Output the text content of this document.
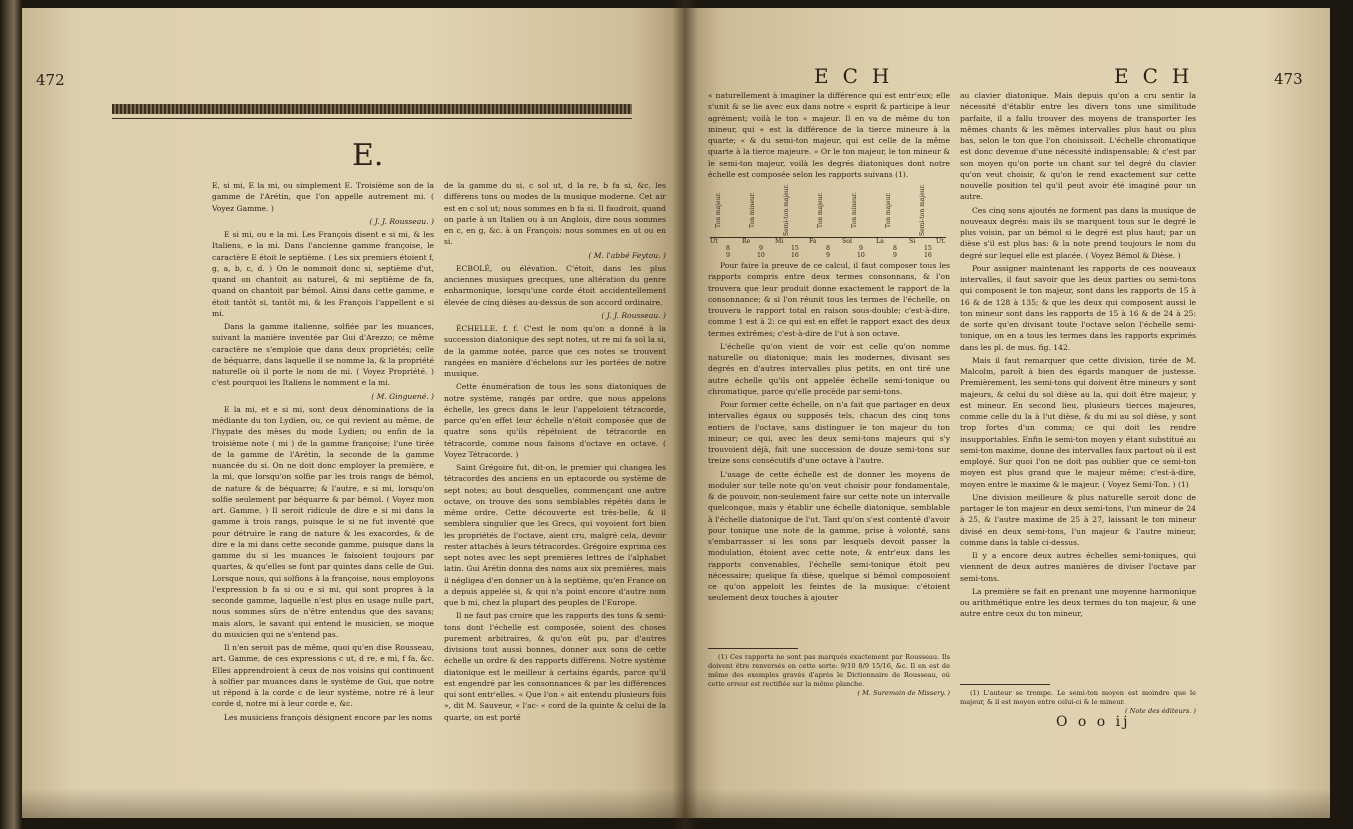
472
E.

E, si mi, E la mi, ou simplement E. Troisième son de la gamme de l'Arétin, que l'on appelle autrement mi. ( Voyez Gamme. )

( J. J. Rousseau. )

E si mi, ou e la mi. Les François disent e si mi, & les Italiens, e la mi. Dans l'ancienne gamme françoise, le caractère E étoit le septième. ( Les six premiers étoient f, g, a, b, c, d. ) On le nommoit donc si, septième d'ut, quand on chantoit au naturel, & mi septième de fa, quand on chantoit par bémol. Ainsi dans cette gamme, e étoit tantôt si, tantôt mi, & les François l'appellent e si mi.

Dans la gamme italienne, solfiée par les muances, suivant la manière inventée par Gui d'Arezzo; ce même caractère ne s'emploie que dans deux propriétés; celle de béquarre, dans laquelle il se nomme la, & la propriété naturelle où il porte le nom de mi. ( Voyez Propriété. ) c'est pourquoi les Italiens le nomment e la mi.

( M. Ginguené. )

E la mi, et e si mi, sont deux dénominations de la médiante du ton Lydien, ou, ce qui revient au même, de l'hypate des mèses du mode Lydien; ou enfin de la troisième note ( mi ) de la gamme françoise; l'une tirée de la gamme de l'Arétin, la seconde de la gamme nuancée du si. On ne doit donc employer la première, e la mi, que lorsqu'on solfie par les trois rangs de bémol, de nature & de béquarre; & l'autre, e si mi, lorsqu'on solfie seulement par béquarre & par bémol. ( Voyez mon art. Gamme. ) Il seroit ridicule de dire e si mi dans la gamme à trois rangs, puisque le si ne fut inventé que pour détruire le rang de nature & les exacordes, & de dire e la mi dans cette seconde gamme, puisque dans la gamme du si les muances le faisoient toujours par quartes, & qu'elles se font par quintes dans celle de Gui. Lorsque nous, qui solfions à la françoise, nous employons l'expression b fa si ou e si mi, qui sont propres à la seconde gamme, laquelle n'est plus en usage nulle part, nous sommes sûrs de n'être entendus que des savans; mais alors, le savant qui entend le musicien, se moque du musicien qui ne s'entend pas.

Il n'en seroit pas de même, quoi qu'en dise Rousseau, art. Gamme, de ces expressions c ut, d re, e mi, f fa, &c. Elles apprendroient à ceux de nos voisins qui continuent à solfier par muances dans le système de Gui, que notre ut répond à la corde c de leur système, notre ré à leur corde d, notre mi à leur corde e, &c.

Les musiciens françois désignent encore par les noms

de la gamme du si, c sol ut, d la re, b fa si, &c. les différens tons ou modes de la musique moderne. Cet air est en c sol ut; nous sommes en b fa si. Il faudroit, quand on parle à un Italien ou à un Anglois, dire nous sommes en c, en g, &c. à un François: nous sommes en ut ou en si.

( M. l'abbé Feytou. )

ECBOLÉ, ou élévation. C'étoit, dans les plus anciennes musiques grecques, une altération du genre enharmonique, lorsqu'une corde étoit accidentellement élevée de cinq dièses au-dessus de son accord ordinaire.

( J. J. Rousseau. )

ÉCHELLE. f. f. C'est le nom qu'on a donné à la succession diatonique des sept notes, ut re mi fa sol la si, de la gamme notée, parce que ces notes se trouvent rangées en manière d'échelons sur les portées de notre musique.

Cette énumération de tous les sons diatoniques de notre système, rangés par ordre, que nous appelons échelle, les grecs dans le leur l'appeloient tétracorde, parce qu'en effet leur échelle n'étoit composée que de quatre sons qu'ils répétoient de tétracorde en tétracorde, comme nous faisons d'octave en octave. ( Voyez Tétracorde. )

Saint Grégoire fut, dit-on, le premier qui changea les tétracordes des anciens en un eptacorde ou système de sept notes; au bout desquelles, commençant une autre octave, on trouve des sons semblables répétés dans le même ordre. Cette découverte est très-belle, & il semblera singulier que les Grecs, qui voyoient fort bien les propriétés de l'octave, aient cru, malgré cela, devoir rester attachés à leurs tétracordes. Grégoire exprima ces sept notes avec les sept premières lettres de l'alphabet latin. Gui Arétin donna des noms aux six premières, mais il négligea d'en donner un à la septième, qu'en France on a depuis appelée si, & qui n'a point encore d'autre nom que b mi, chez la plupart des peuples de l'Europe.

Il ne faut pas croire que les rapports des tons & semi-tons dont l'échelle est composée, soient des choses purement arbitraires, & qu'on eût pu, par d'autres divisions tout aussi bonnes, donner aux sons de cette échelle un ordre & des rapports différens. Notre système diatonique est le meilleur à certains égards, parce qu'il est engendré par les consonnances & par les différences qui sont entr'elles. « Que l'on « ait entendu plusieurs fois », dit M. Sauveur, « l'ac- « cord de la quinte & celui de la quarte, on est porté

ECH	ECH	473

« naturellement à imaginer la différence qui est entr'eux; elle s'unit & se lie avec eux dans notre « esprit & participe à leur agrément; voilà le ton « majeur. Il en va de même du ton mineur, qui « est la différence de la tierce mineure à la quarte; « & du semi-ton majeur, qui est celle de la même quarte à la tierce majeure. » Or le ton majeur, le ton mineur & le semi-ton majeur, voilà les degrés diatoniques dont notre échelle est composée selon les rapports suivans (1).

Ton majeur.	Ton mineur.	Semi-ton majeur.	Ton majeur.	Ton mineur.	Ton majeur.	Semi-ton majeur.
Ut	Re	Mi	Fa	Sol	La	Si	Ut.
8	9	15	8	9	8	15
9	10	16	9	10	9	16

Pour faire la preuve de ce calcul, il faut composer tous les rapports compris entre deux termes consonnans, & l'on trouvera que leur produit donne exactement le rapport de la consonnance; & si l'on réunit tous les termes de l'échelle, on trouvera le rapport total en raison sous-double; c'est-à-dire, comme 1 est à 2: ce qui est en effet le rapport exact des deux termes extrêmes; c'est-à-dire de l'ut à son octave.

L'échelle qu'on vient de voir est celle qu'on nomme naturelle ou diatonique; mais les modernes, divisant ses degrés en d'autres intervalles plus petits, en ont tiré une autre échelle qu'ils ont appelée échelle semi-tonique ou chromatique, parce qu'elle procède par semi-tons.

Pour former cette échelle, on n'a fait que partager en deux intervalles égaux ou supposés tels, chacun des cinq tons entiers de l'octave, sans distinguer le ton majeur du ton mineur; ce qui, avec les deux semi-tons majeurs qui s'y trouvoient déjà, fait une succession de douze semi-tons sur treize sons consécutifs d'une octave à l'autre.

L'usage de cette échelle est de donner les moyens de moduler sur telle note qu'on veut choisir pour fondamentale, & de pouvoir, non-seulement faire sur cette note un intervalle quelconque, mais y établir une échelle diatonique, semblable à l'échelle diatonique de l'ut. Tant qu'on s'est contenté d'avoir pour tonique une note de la gamme, prise à volonté, sans s'embarrasser si les sons par lesquels devoit passer la modulation, étoient avec cette note, & entr'eux dans les rapports convenables, l'échelle semi-tonique étoit peu nécessaire; quelque fa dièse, quelque si bémol composoient ce qu'on appeloit les feintes de la musique: c'étoient seulement deux touches à ajouter

(1) Ces rapports ne sont pas marqués exactement par Rousseau. Ils doivent être renversés en cette sorte: 9/10 8/9 15/16, &c. Il en est de même des exemples gravés d'après le Dictionnaire de Rousseau, où cette erreur est rectifiée sur la même planche.

( M. Suremain de Missery. )

au clavier diatonique. Mais depuis qu'on a cru sentir la nécessité d'établir entre les divers tons une similitude parfaite, il a fallu trouver des moyens de transporter les mêmes chants & les mêmes intervalles plus haut ou plus bas, selon le ton que l'on choisissoit. L'échelle chromatique est donc devenue d'une nécessité indispensable; & c'est par son moyen qu'on porte un chant sur tel degré du clavier qu'on veut choisir, & qu'on le rend exactement sur cette nouvelle position tel qu'il peut avoir été imaginé pour un autre.

Ces cinq sons ajoutés ne forment pas dans la musique de nouveaux degrés: mais ils se marquent tous sur le degré le plus voisin, par un bémol si le degré est plus haut; par un dièse s'il est plus bas: & la note prend toujours le nom du degré sur lequel elle est placée. ( Voyez Bémol & Dièse. )

Pour assigner maintenant les rapports de ces nouveaux intervalles, il faut savoir que les deux parties ou semi-tons qui composent le ton majeur, sont dans les rapports de 15 à 16 & de 128 à 135; & que les deux qui composent aussi le ton mineur sont dans les rapports de 15 à 16 & de 24 à 25: de sorte qu'en divisant toute l'octave selon l'échelle semi-tonique, on en a tous les termes dans les rapports exprimés dans les pl. de mus. fig. 142.

Mais il faut remarquer que cette division, tirée de M. Malcolm, paroît à bien des égards manquer de justesse. Premièrement, les semi-tons qui doivent être mineurs y sont majeurs, & celui du sol dièse au la, qui doit être majeur, y est mineur. En second lieu, plusieurs tierces majeures, comme celle du la à l'ut dièse, & du mi au sol dièse, y sont trop fortes d'un comma; ce qui doit les rendre insupportables. Enfin le semi-ton moyen y étant substitué au semi-ton maxime, donne des intervalles faux partout où il est employé. Sur quoi l'on ne doit pas oublier que ce semi-ton moyen est plus grand que le majeur même; c'est-à-dire, moyen entre le maxime & le majeur. ( Voyez Semi-Ton. ) (1)

Une division meilleure & plus naturelle seroit donc de partager le ton majeur en deux semi-tons, l'un mineur de 24 à 25, & l'autre maxime de 25 à 27, laissant le ton mineur divisé en deux semi-tons, l'un majeur & l'autre mineur, comme dans la table ci-dessus.

Il y a encore deux autres échelles semi-toniques, qui viennent de deux autres manières de diviser l'octave par semi-tons.

La première se fait en prenant une moyenne harmonique ou arithmétique entre les deux termes du ton majeur, & une autre entre ceux du ton mineur,

(1) L'auteur se trompe. Le semi-ton moyen est moindre que le majeur, & il est moyen entre celui-ci & le mineur.

( Note des éditeurs. )

O o o ij
